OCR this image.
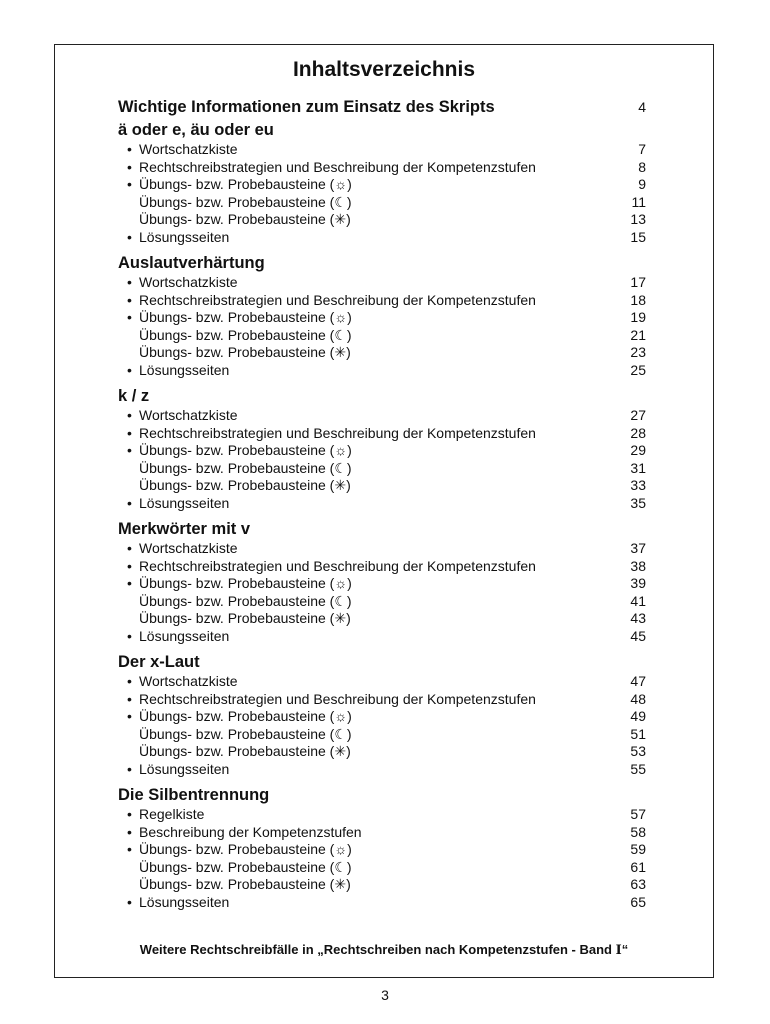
Inhaltsverzeichnis
Wichtige Informationen zum Einsatz des Skripts	4
ä oder e, äu oder eu
• Wortschatzkiste	7
• Rechtschreibstrategien und Beschreibung der Kompetenzstufen	8
• Übungs- bzw. Probebausteine (☼)	9
Übungs- bzw. Probebausteine (☾)	11
Übungs- bzw. Probebausteine (✳)	13
• Lösungsseiten	15
Auslautverhärtung
• Wortschatzkiste	17
• Rechtschreibstrategien und Beschreibung der Kompetenzstufen	18
• Übungs- bzw. Probebausteine (☼)	19
Übungs- bzw. Probebausteine (☾)	21
Übungs- bzw. Probebausteine (✳)	23
• Lösungsseiten	25
k / z
• Wortschatzkiste	27
• Rechtschreibstrategien und Beschreibung der Kompetenzstufen	28
• Übungs- bzw. Probebausteine (☼)	29
Übungs- bzw. Probebausteine (☾)	31
Übungs- bzw. Probebausteine (✳)	33
• Lösungsseiten	35
Merkwörter mit v
• Wortschatzkiste	37
• Rechtschreibstrategien und Beschreibung der Kompetenzstufen	38
• Übungs- bzw. Probebausteine (☼)	39
Übungs- bzw. Probebausteine (☾)	41
Übungs- bzw. Probebausteine (✳)	43
• Lösungsseiten	45
Der x-Laut
• Wortschatzkiste	47
• Rechtschreibstrategien und Beschreibung der Kompetenzstufen	48
• Übungs- bzw. Probebausteine (☼)	49
Übungs- bzw. Probebausteine (☾)	51
Übungs- bzw. Probebausteine (✳)	53
• Lösungsseiten	55
Die Silbentrennung
• Regelkiste	57
• Beschreibung der Kompetenzstufen	58
• Übungs- bzw. Probebausteine (☼)	59
Übungs- bzw. Probebausteine (☾)	61
Übungs- bzw. Probebausteine (✳)	63
• Lösungsseiten	65
Weitere Rechtschreibfälle in „Rechtschreiben nach Kompetenzstufen - Band I“
3
